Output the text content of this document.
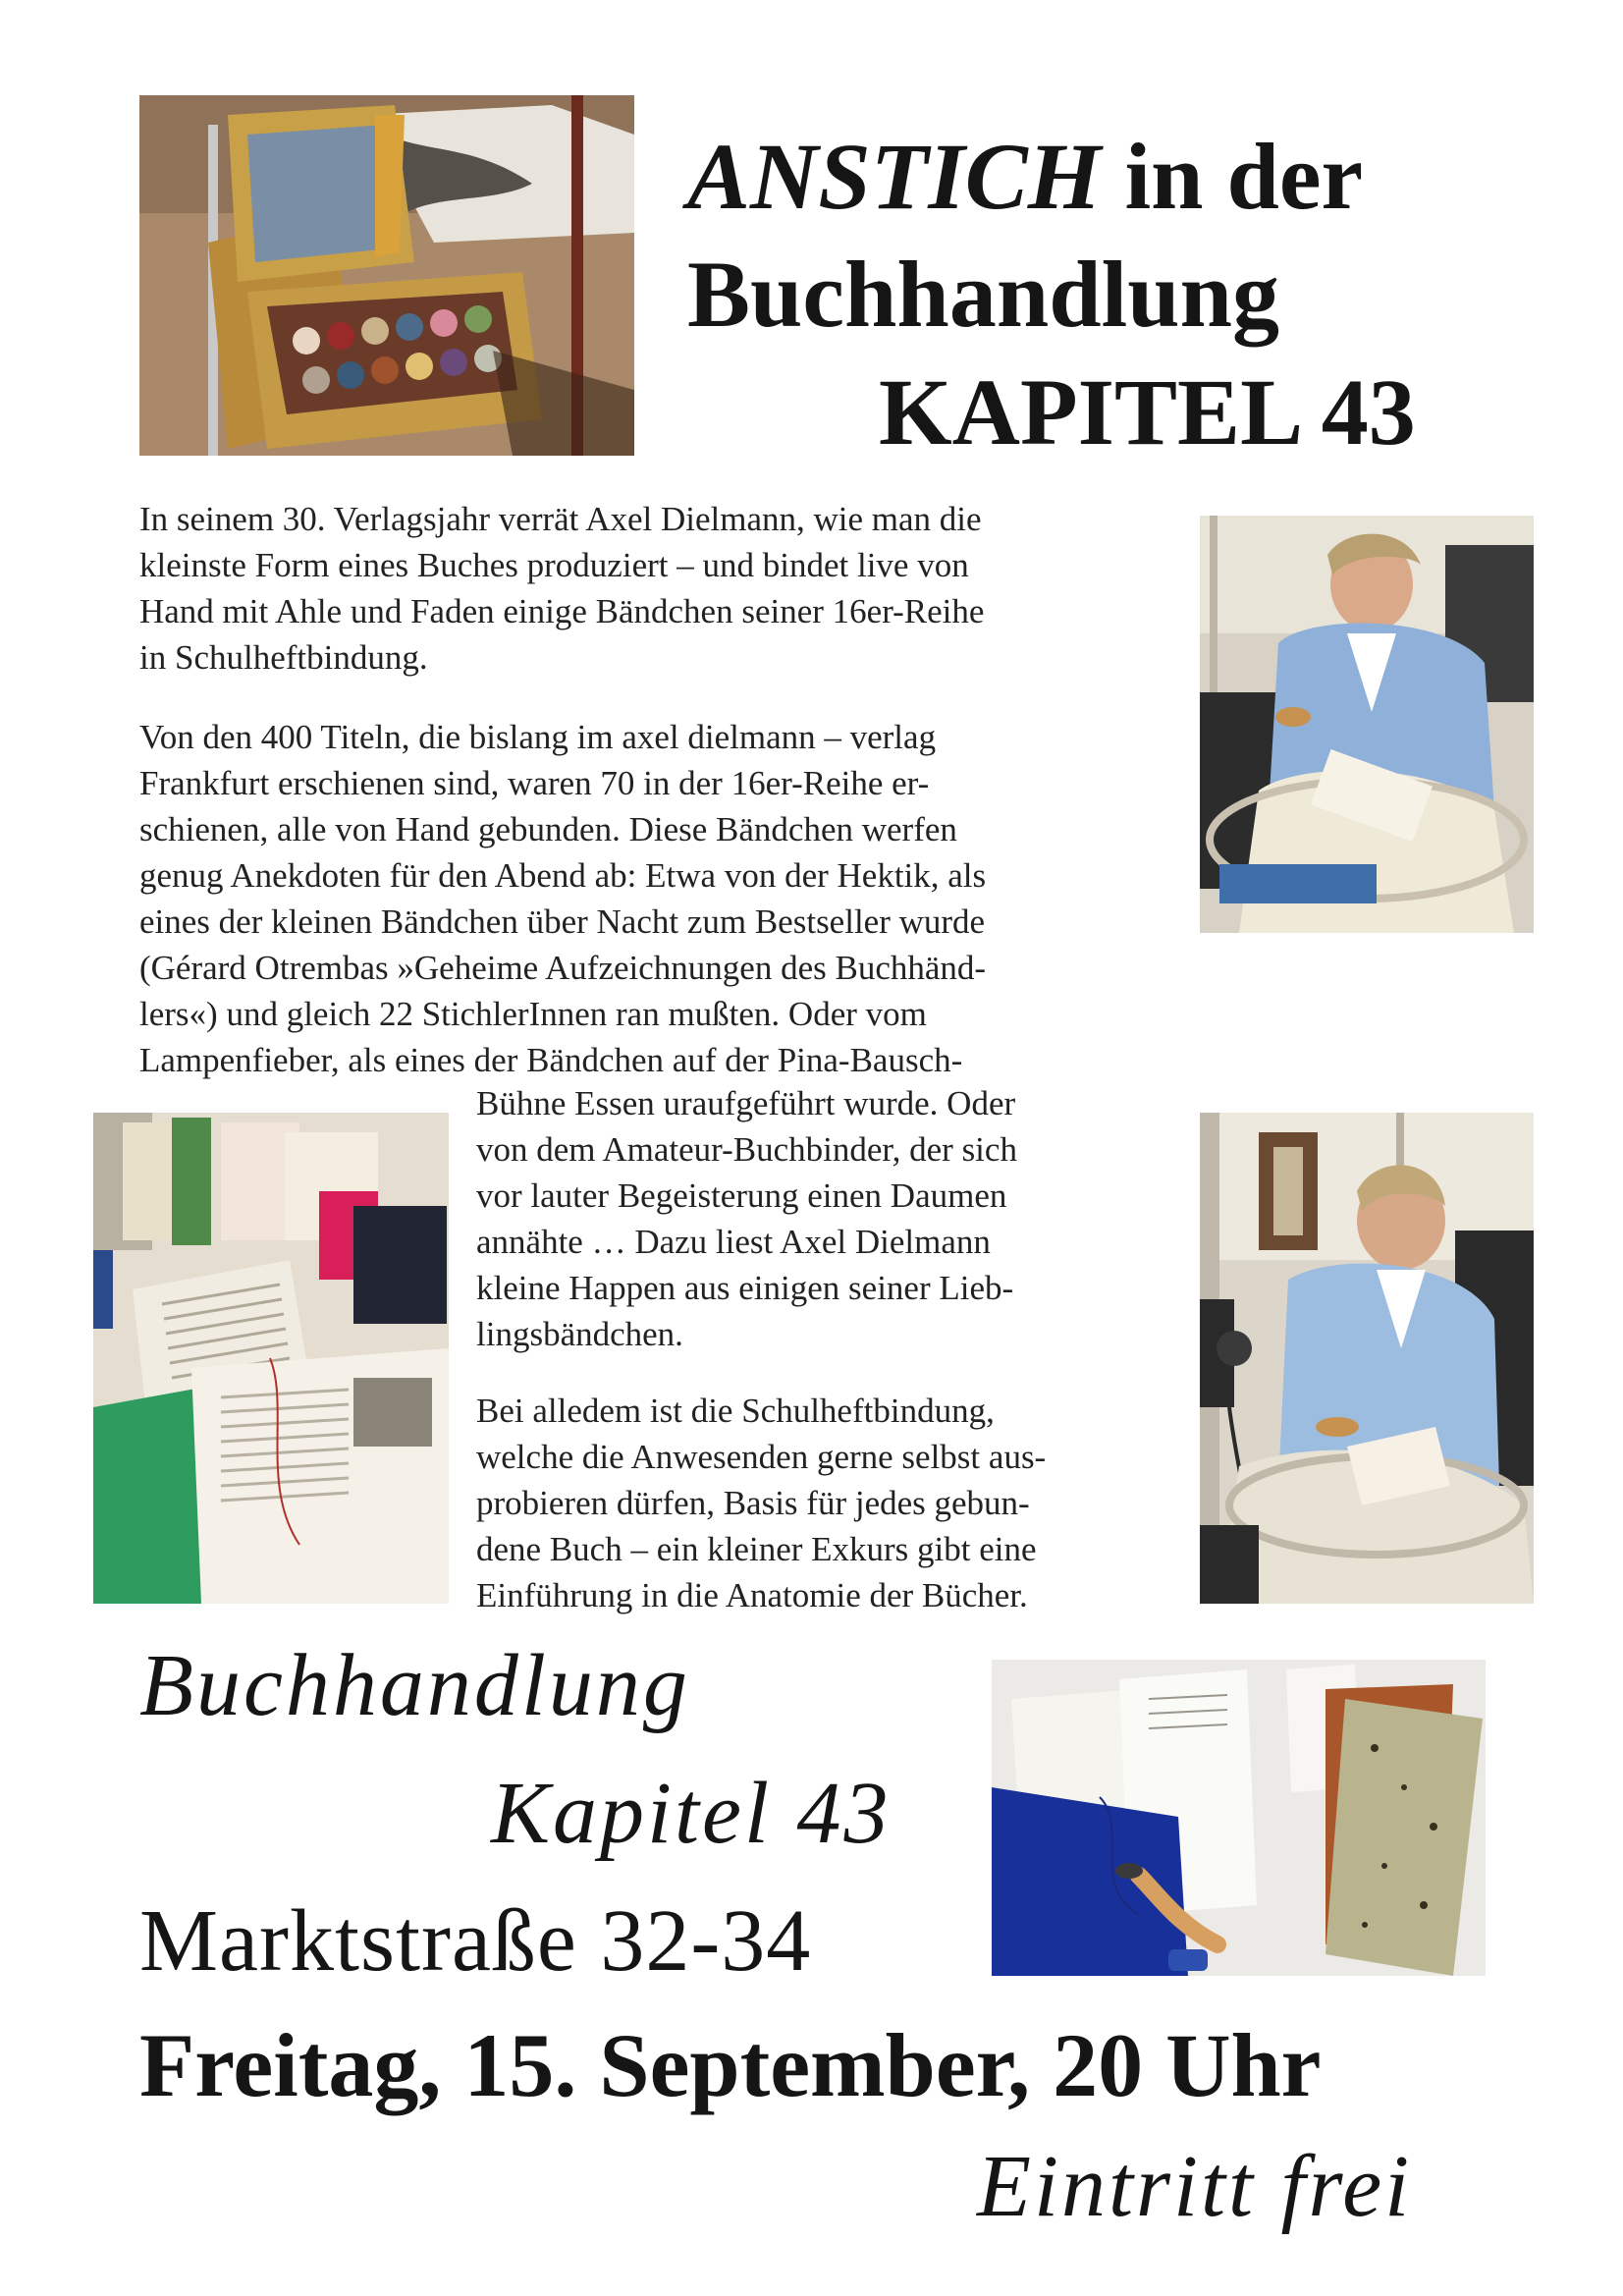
ANSTICH in der
Buchhandlung
KAPITEL 43

In seinem 30. Verlagsjahr verrät Axel Dielmann, wie man die
kleinste Form eines Buches produziert – und bindet live von
Hand mit Ahle und Faden einige Bändchen seiner 16er-Reihe
in Schulheftbindung.

Von den 400 Titeln, die bislang im axel dielmann – verlag
Frankfurt erschienen sind, waren 70 in der 16er-Reihe er-
schienen, alle von Hand gebunden. Diese Bändchen werfen
genug Anekdoten für den Abend ab: Etwa von der Hektik, als
eines der kleinen Bändchen über Nacht zum Bestseller wurde
(Gérard Otrembas »Geheime Aufzeichnungen des Buchhänd-
lers«) und gleich 22 StichlerInnen ran mußten. Oder vom
Lampenfieber, als eines der Bändchen auf der Pina-Bausch-

Bühne Essen uraufgeführt wurde. Oder
von dem Amateur-Buchbinder, der sich
vor lauter Begeisterung einen Daumen
annähte … Dazu liest Axel Dielmann
kleine Happen aus einigen seiner Lieb-
lingsbändchen.

Bei alledem ist die Schulheftbindung,
welche die Anwesenden gerne selbst aus-
probieren dürfen, Basis für jedes gebun-
dene Buch – ein kleiner Exkurs gibt eine
Einführung in die Anatomie der Bücher.

Buchhandlung
Kapitel 43
Marktstraße 32-34
Freitag, 15. September, 20 Uhr
Eintritt frei
